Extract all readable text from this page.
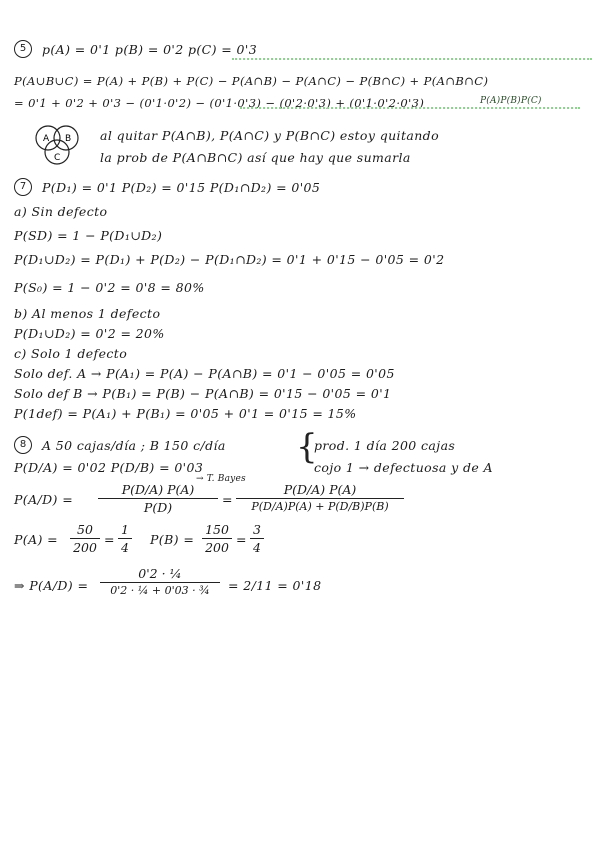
5	p(A) = 0'1 p(B) = 0'2 p(C) = 0'3
P(A∪B∪C) = P(A) + P(B) + P(C) − P(A∩B) − P(A∩C) − P(B∩C) + P(A∩B∩C)
= 0'1 + 0'2 + 0'3 − (0'1·0'2) − (0'1·0'3) − (0'2·0'3) + (0'1·0'2·0'3)	P(A)P(B)P(C)
A B
C
al quitar P(A∩B), P(A∩C) y P(B∩C) estoy quitando
la prob de P(A∩B∩C) así que hay que sumarla
7	P(D₁) = 0'1 P(D₂) = 0'15 P(D₁∩D₂) = 0'05
a) Sin defecto
P(SD) = 1 − P(D₁∪D₂)
P(D₁∪D₂) = P(D₁) + P(D₂) − P(D₁∩D₂) = 0'1 + 0'15 − 0'05 = 0'2
P(S₀) = 1 − 0'2 = 0'8 = 80%
b) Al menos 1 defecto
P(D₁∪D₂) = 0'2 = 20%
c) Solo 1 defecto
Solo def. A → P(A₁) = P(A) − P(A∩B) = 0'1 − 0'05 = 0'05
Solo def B → P(B₁) = P(B) − P(A∩B) = 0'15 − 0'05 = 0'1
P(1def) = P(A₁) + P(B₁) = 0'05 + 0'1 = 0'15 = 15%
8	A 50 cajas/día ; B 150 c/día {
prod. 1 día 200 cajas
cojo 1 → defectuosa y de A
P(D/A) = 0'02 P(D/B) = 0'03
→ T. Bayes
P(A/D) =
P(D/A) P(A)
P(D)
=
P(D/A) P(A)
P(D/A)P(A) + P(D/B)P(B)
P(A) =
50
200
=
1
4
P(B) =
150
200
=
3
4
⇒ P(A/D) =
0'2 · ¼
0'2 · ¼ + 0'03 · ¾	= 2/11 = 0'18
